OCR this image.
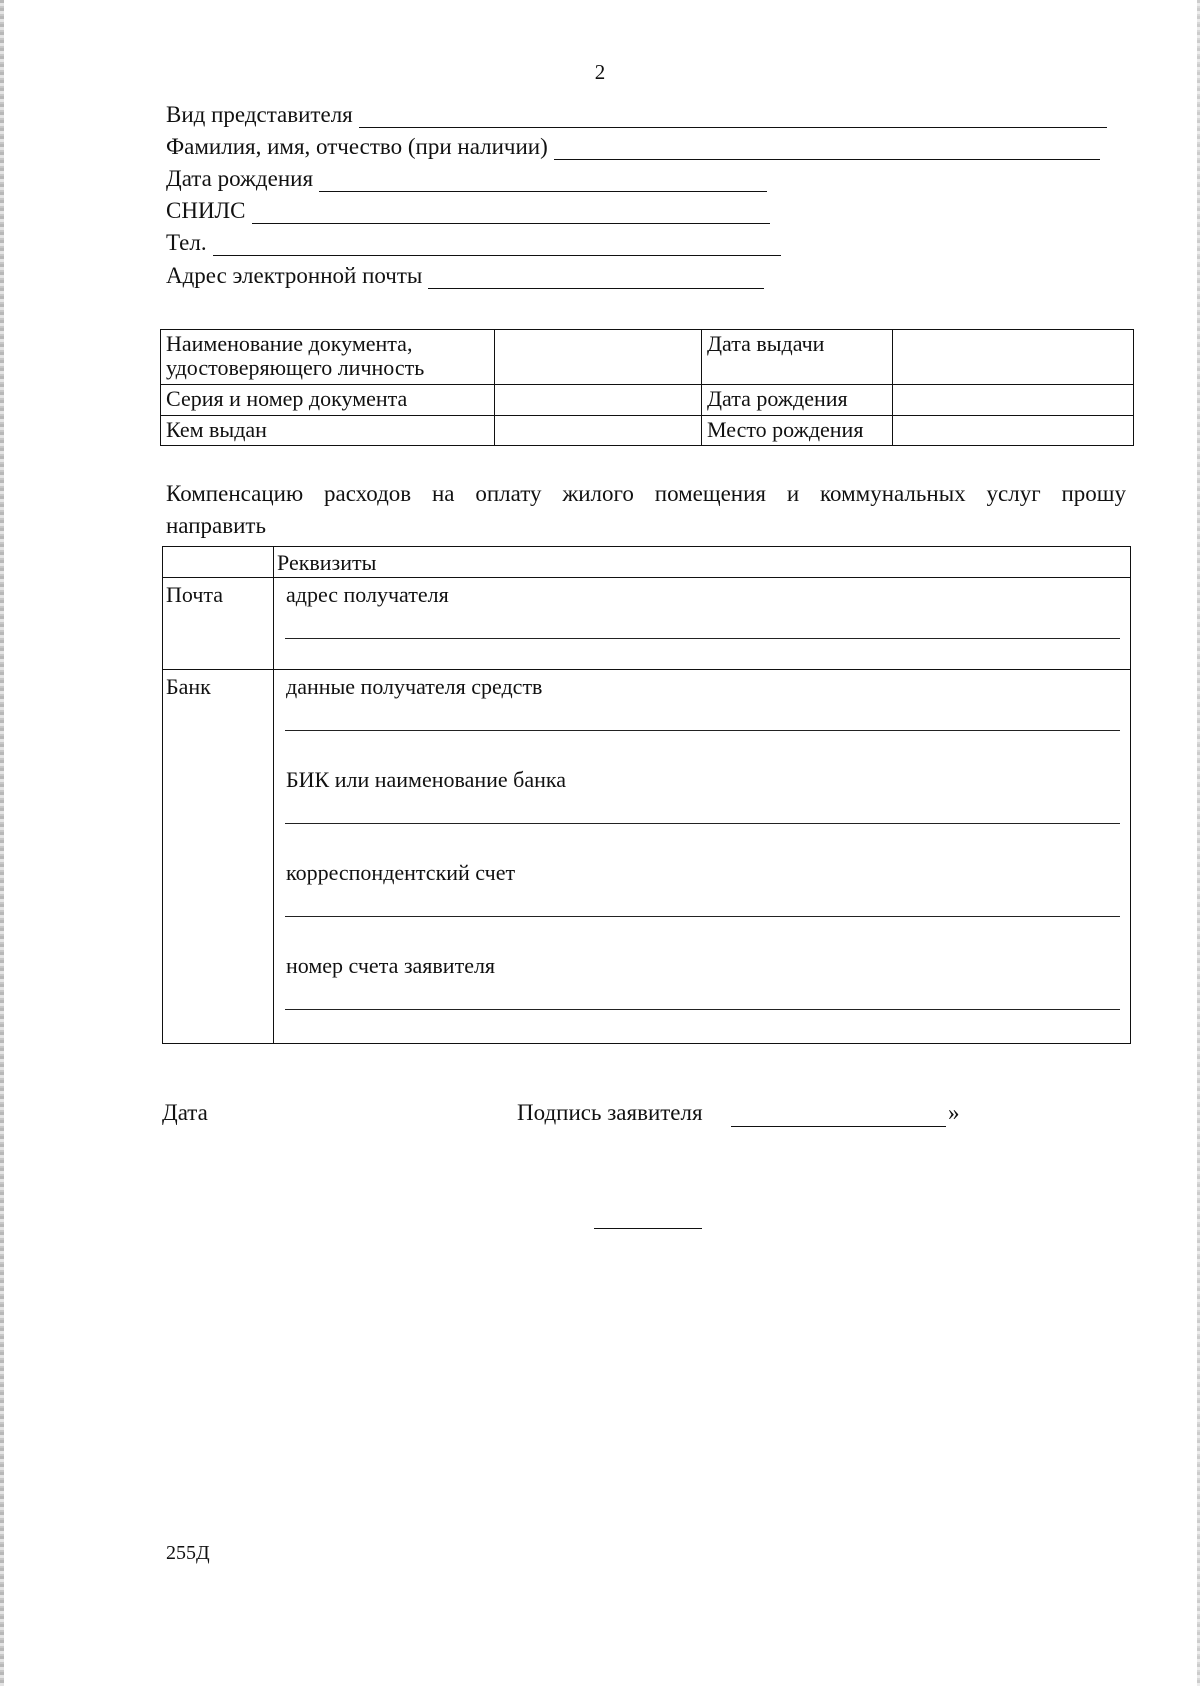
2
Вид представителя
Фамилия, имя, отчество (при наличии)
Дата рождения
СНИЛС
Тел.
Адрес электронной почты
Наименование документа, удостоверяющего личность		Дата выдачи	
Серия и номер документа		Дата рождения	
Кем выдан		Место рождения	
Компенсацию расходов на оплату жилого помещения и коммунальных услуг прошу
направить
Реквизиты
Почта	адрес получателя
Банк	данные получателя средств
БИК или наименование банка
корреспондентский счет
номер счета заявителя
Дата	Подпись заявителя	»
255Д
